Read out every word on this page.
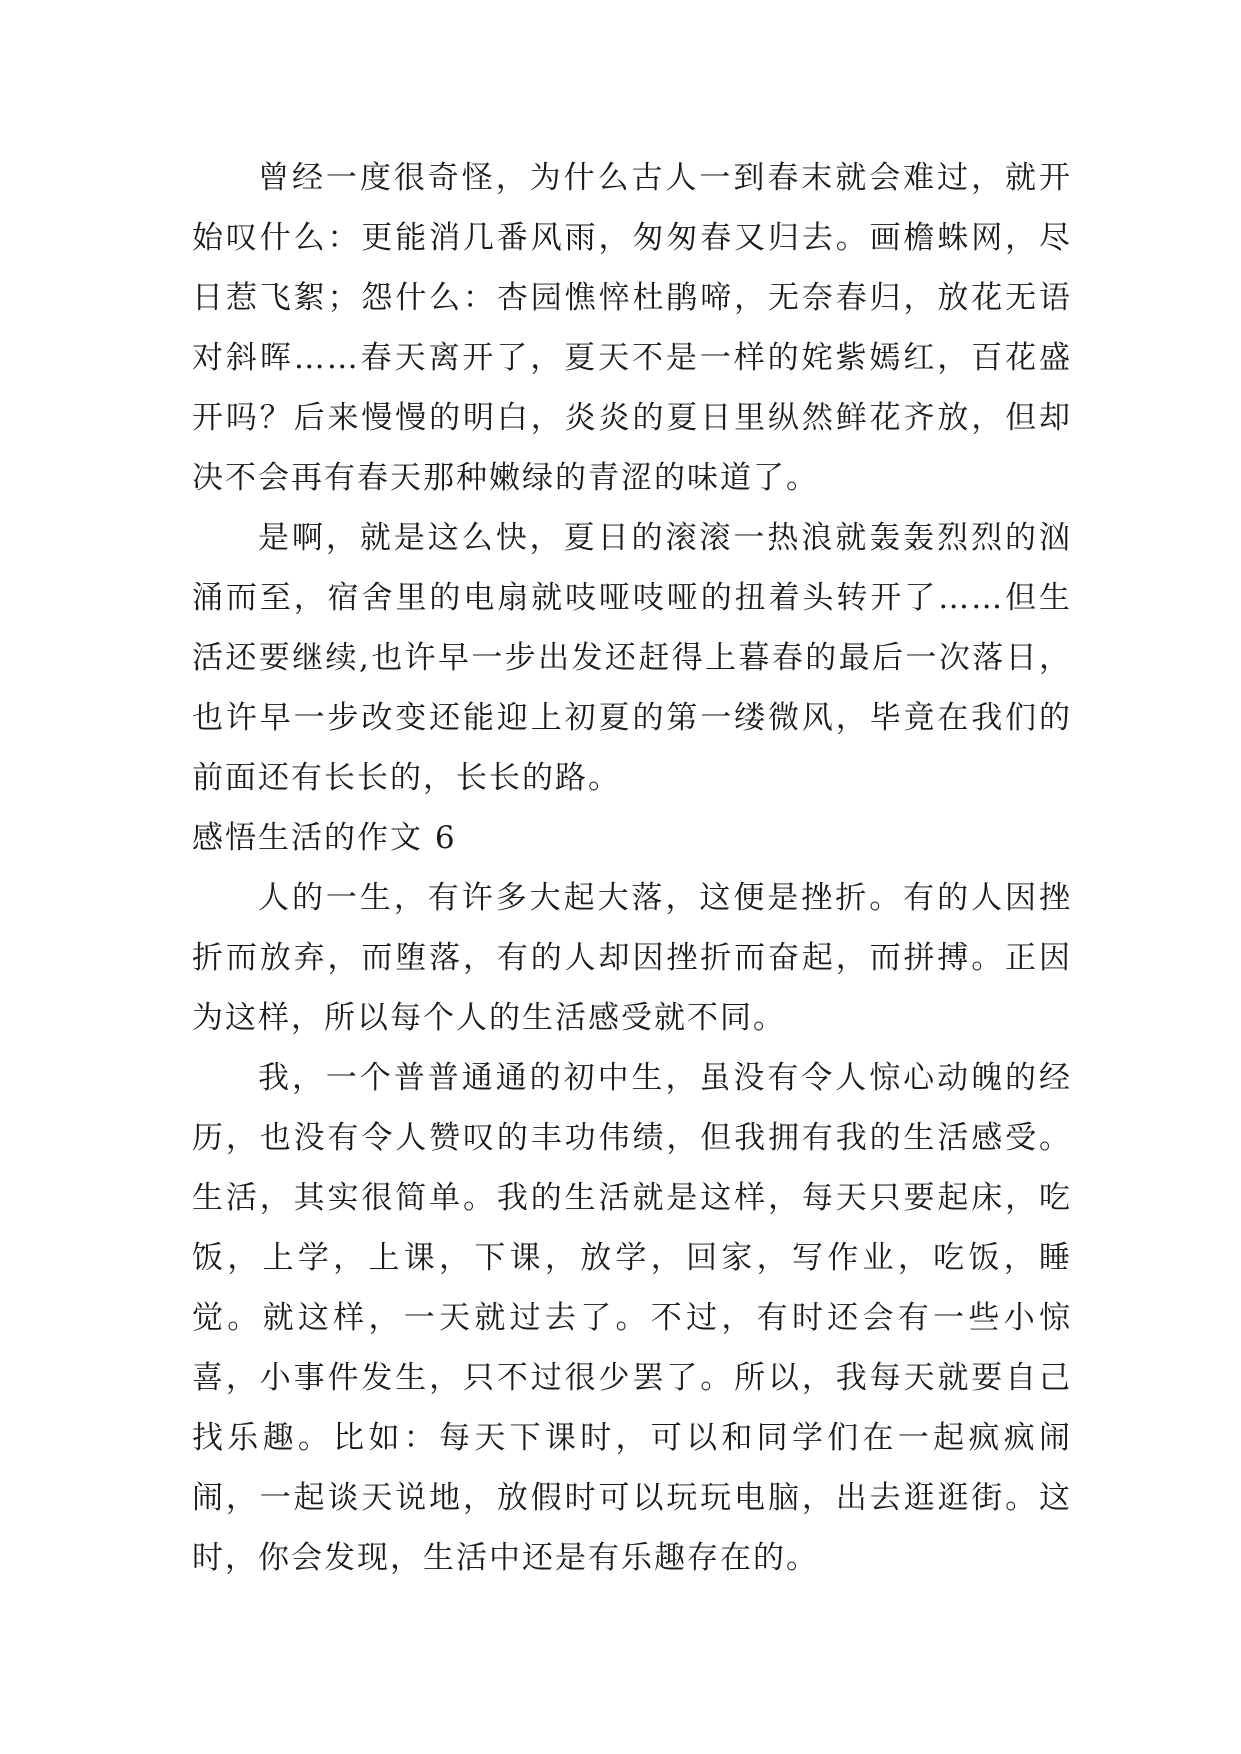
曾经一度很奇怪，为什么古人一到春末就会难过，就开始叹什么：更能消几番风雨，匆匆春又归去。画檐蛛网，尽日惹飞絮；怨什么：杏园憔悴杜鹃啼，无奈春归，放花无语对斜晖……春天离开了，夏天不是一样的姹紫嫣红，百花盛开吗？后来慢慢的明白，炎炎的夏日里纵然鲜花齐放，但却决不会再有春天那种嫩绿的青涩的味道了。

是啊，就是这么快，夏日的滚滚一热浪就轰轰烈烈的汹涌而至，宿舍里的电扇就吱哑吱哑的扭着头转开了……但生活还要继续,也许早一步出发还赶得上暮春的最后一次落日，也许早一步改变还能迎上初夏的第一缕微风，毕竟在我们的前面还有长长的，长长的路。

感悟生活的作文 6

人的一生，有许多大起大落，这便是挫折。有的人因挫折而放弃，而堕落，有的人却因挫折而奋起，而拼搏。正因为这样，所以每个人的生活感受就不同。

我，一个普普通通的初中生，虽没有令人惊心动魄的经历，也没有令人赞叹的丰功伟绩，但我拥有我的生活感受。生活，其实很简单。我的生活就是这样，每天只要起床，吃饭，上学，上课，下课，放学，回家，写作业，吃饭，睡觉。就这样，一天就过去了。不过，有时还会有一些小惊喜，小事件发生，只不过很少罢了。所以，我每天就要自己找乐趣。比如：每天下课时，可以和同学们在一起疯疯闹闹，一起谈天说地，放假时可以玩玩电脑，出去逛逛街。这时，你会发现，生活中还是有乐趣存在的。
